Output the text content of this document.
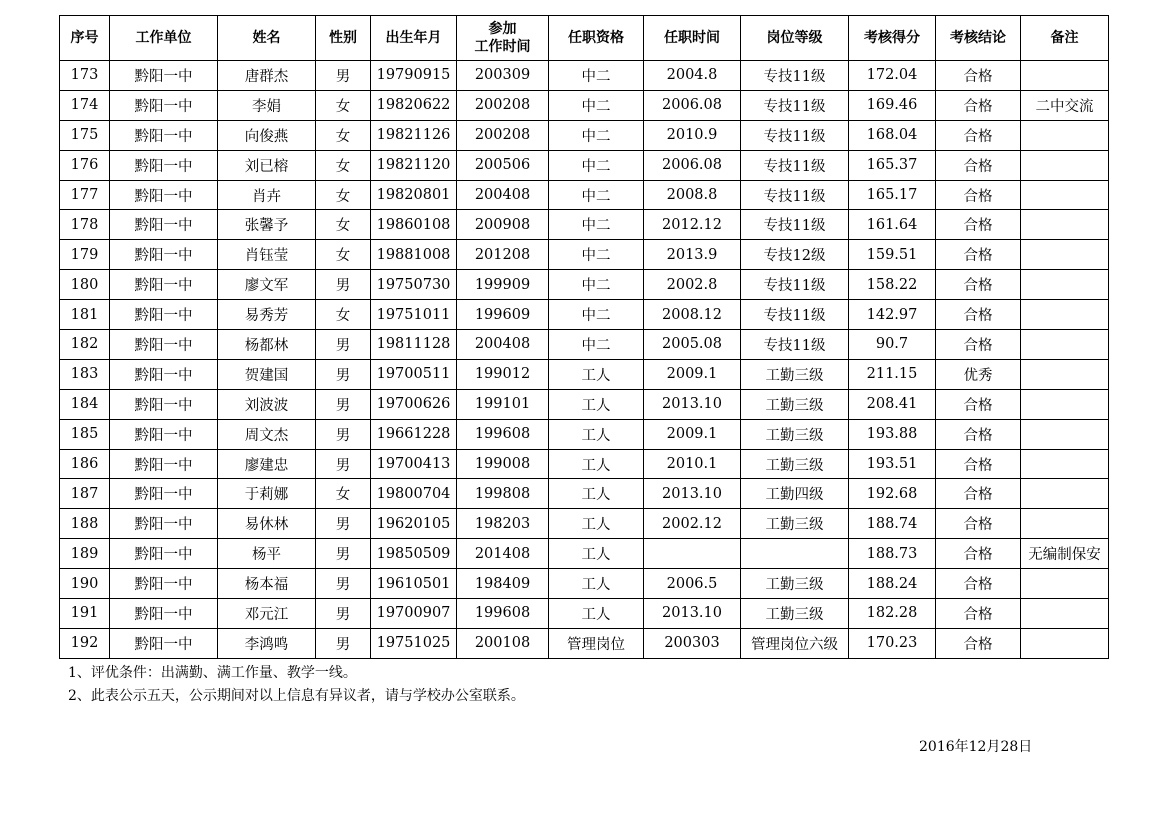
序号	工作单位	姓名	性别	出生年月	参加
工作时间	任职资格	任职时间	岗位等级	考核得分	考核结论	备注
173	黔阳一中	唐群杰	男	19790915	200309	中二	2004.8	专技11级	172.04	合格	
174	黔阳一中	李娟	女	19820622	200208	中二	2006.08	专技11级	169.46	合格	二中交流
175	黔阳一中	向俊燕	女	19821126	200208	中二	2010.9	专技11级	168.04	合格	
176	黔阳一中	刘已榕	女	19821120	200506	中二	2006.08	专技11级	165.37	合格	
177	黔阳一中	肖卉	女	19820801	200408	中二	2008.8	专技11级	165.17	合格	
178	黔阳一中	张馨予	女	19860108	200908	中二	2012.12	专技11级	161.64	合格	
179	黔阳一中	肖钰莹	女	19881008	201208	中二	2013.9	专技12级	159.51	合格	
180	黔阳一中	廖文军	男	19750730	199909	中二	2002.8	专技11级	158.22	合格	
181	黔阳一中	易秀芳	女	19751011	199609	中二	2008.12	专技11级	142.97	合格	
182	黔阳一中	杨都林	男	19811128	200408	中二	2005.08	专技11级	90.7	合格	
183	黔阳一中	贺建国	男	19700511	199012	工人	2009.1	工勤三级	211.15	优秀	
184	黔阳一中	刘波波	男	19700626	199101	工人	2013.10	工勤三级	208.41	合格	
185	黔阳一中	周文杰	男	19661228	199608	工人	2009.1	工勤三级	193.88	合格	
186	黔阳一中	廖建忠	男	19700413	199008	工人	2010.1	工勤三级	193.51	合格	
187	黔阳一中	于莉娜	女	19800704	199808	工人	2013.10	工勤四级	192.68	合格	
188	黔阳一中	易休林	男	19620105	198203	工人	2002.12	工勤三级	188.74	合格	
189	黔阳一中	杨平	男	19850509	201408	工人			188.73	合格	无编制保安
190	黔阳一中	杨本福	男	19610501	198409	工人	2006.5	工勤三级	188.24	合格	
191	黔阳一中	邓元江	男	19700907	199608	工人	2013.10	工勤三级	182.28	合格	
192	黔阳一中	李鸿鸣	男	19751025	200108	管理岗位	200303	管理岗位六级	170.23	合格	
1、评优条件：出满勤、满工作量、教学一线。
2、此表公示五天，公示期间对以上信息有异议者，请与学校办公室联系。
2016年12月28日
